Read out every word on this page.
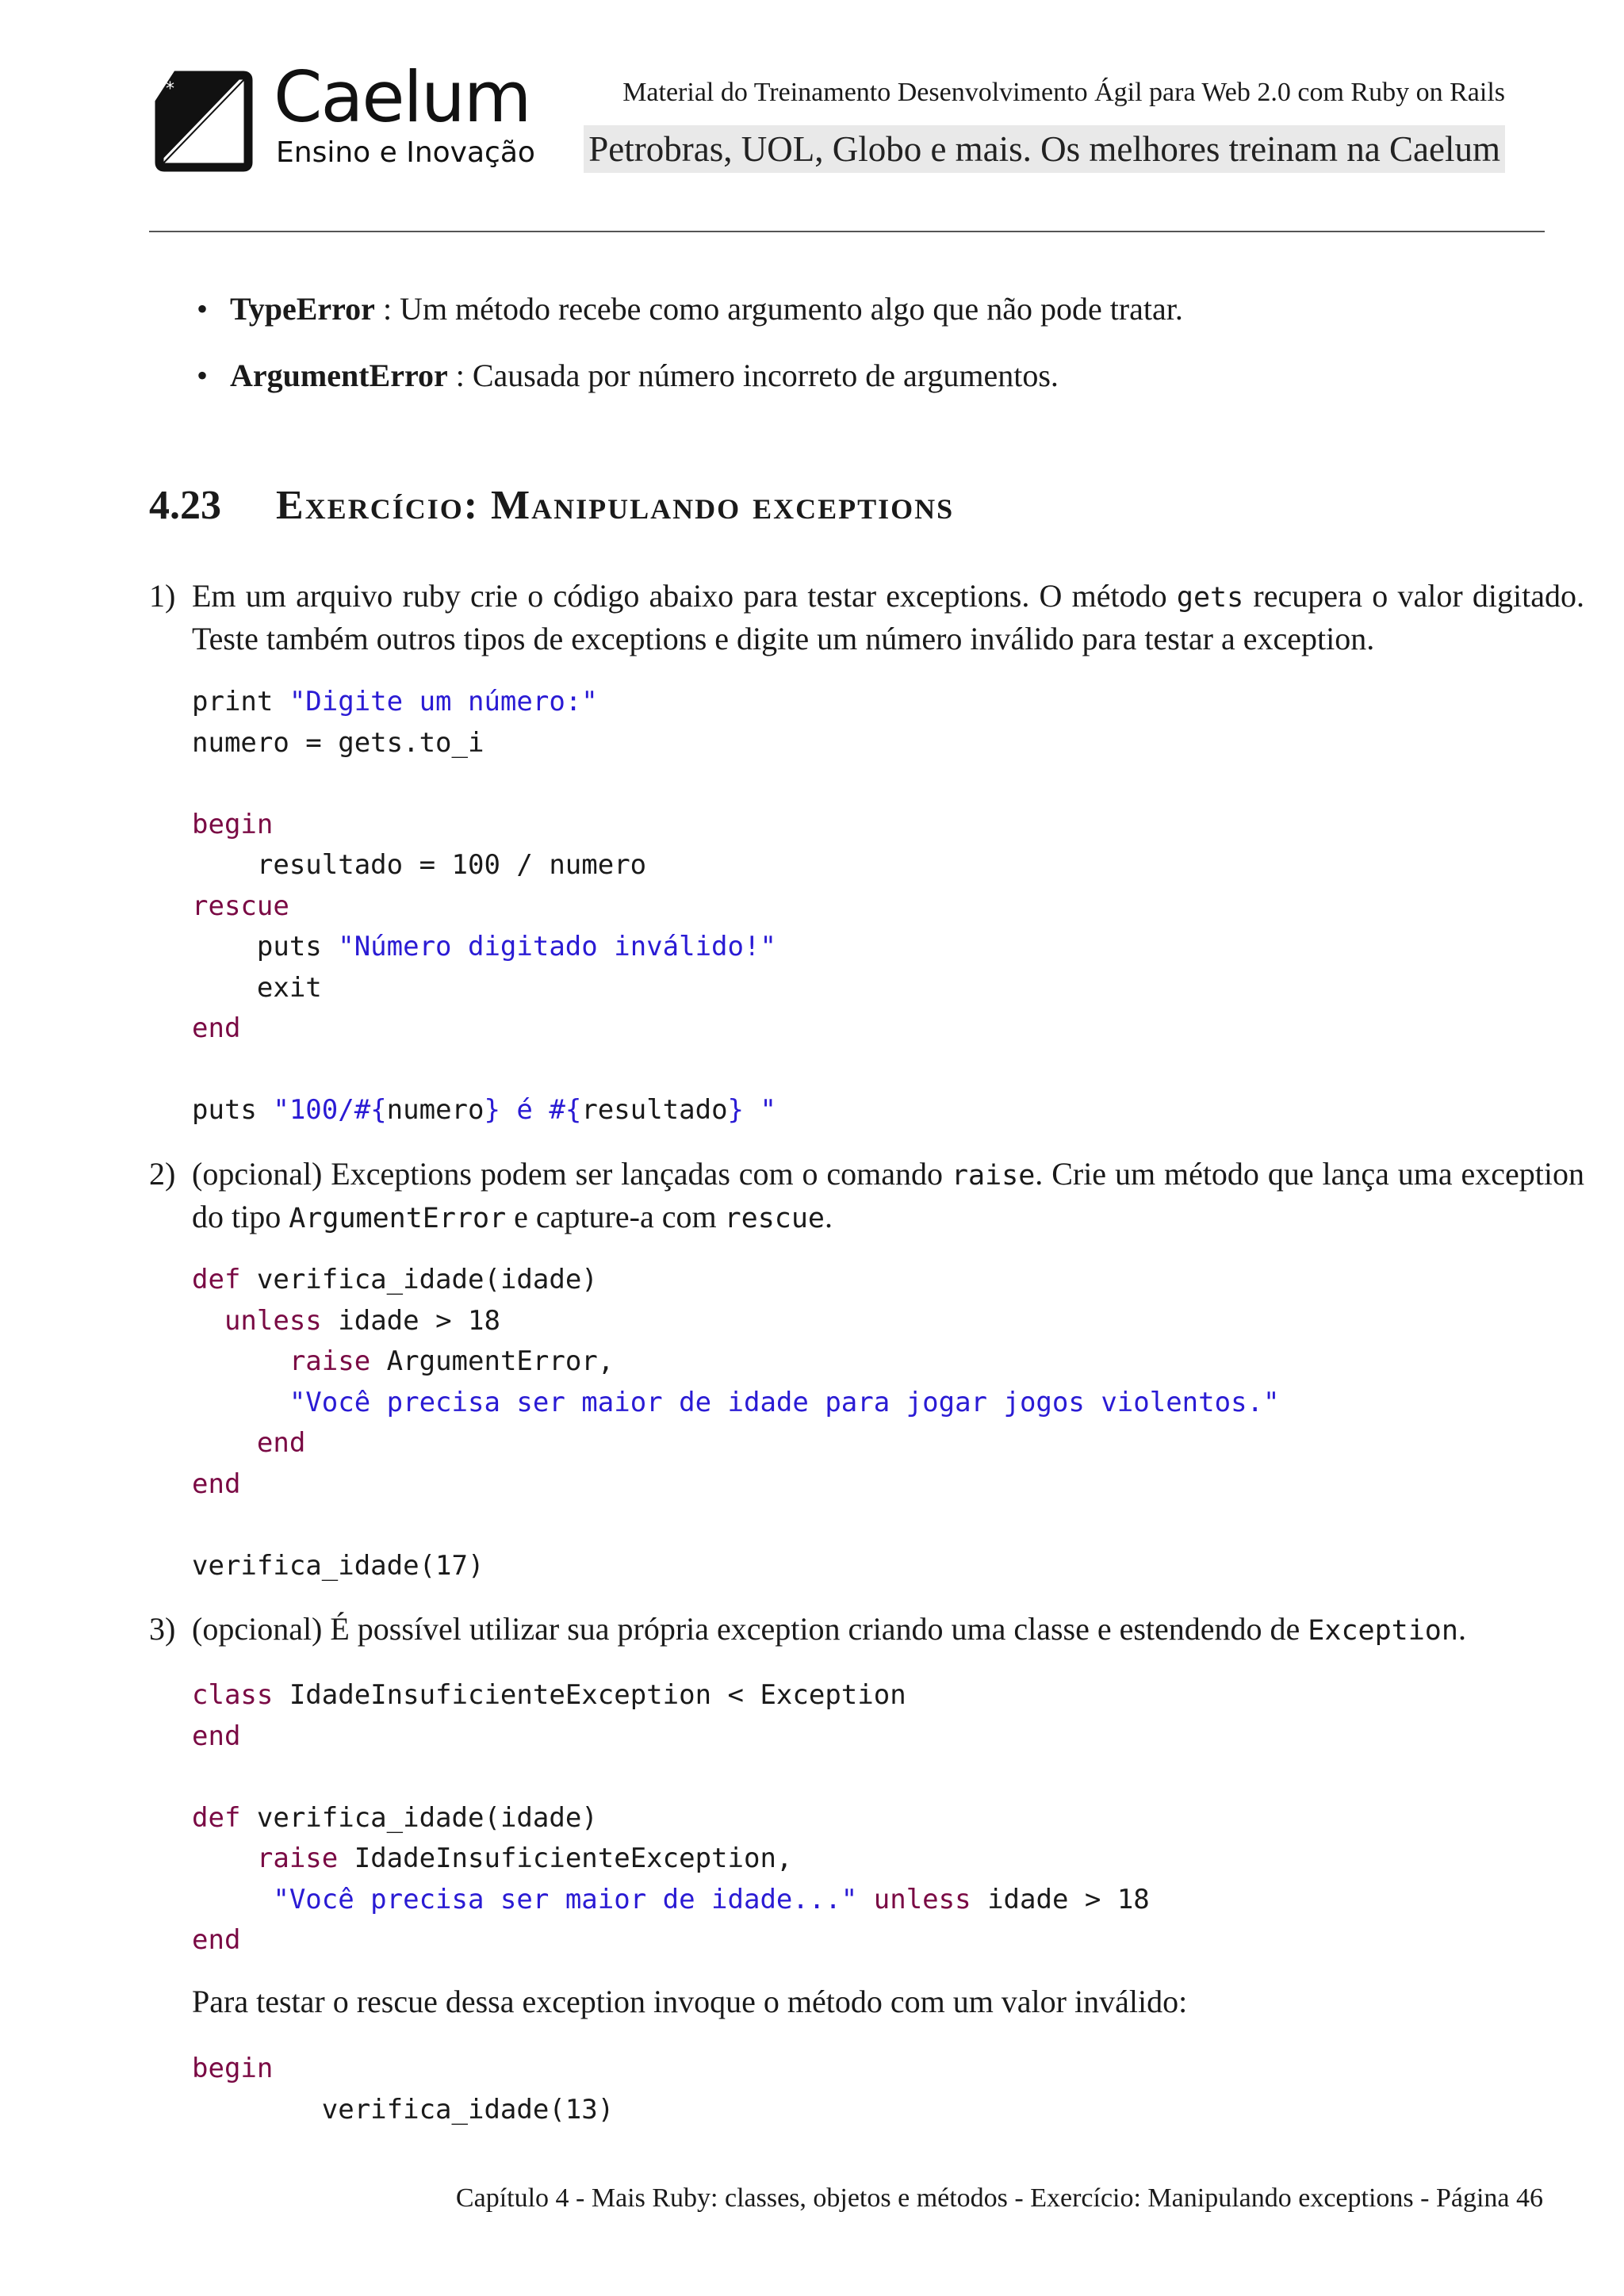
* Caelum
Ensino e Inovação
Material do Treinamento Desenvolvimento Ágil para Web 2.0 com Ruby on Rails
Petrobras, UOL, Globo e mais. Os melhores treinam na Caelum
• TypeError : Um método recebe como argumento algo que não pode tratar.
• ArgumentError : Causada por número incorreto de argumentos.
4.23 Exercício: Manipulando exceptions
1) Em um arquivo ruby crie o código abaixo para testar exceptions. O método gets recupera o valor digitado. Teste também outros tipos de exceptions e digite um número inválido para testar a exception.
print "Digite um número:"
numero = gets.to_i

begin
resultado = 100 / numero
rescue
puts "Número digitado inválido!"
exit
end

puts "100/#{numero} é #{resultado} "
2) (opcional) Exceptions podem ser lançadas com o comando raise. Crie um método que lança uma exception do tipo ArgumentError e capture-a com rescue.
def verifica_idade(idade)
unless idade > 18
raise ArgumentError,
"Você precisa ser maior de idade para jogar jogos violentos."
end
end

verifica_idade(17)
3) (opcional) É possível utilizar sua própria exception criando uma classe e estendendo de Exception.
class IdadeInsuficienteException < Exception
end

def verifica_idade(idade)
raise IdadeInsuficienteException,
"Você precisa ser maior de idade..." unless idade > 18
end
Para testar o rescue dessa exception invoque o método com um valor inválido:
begin
verifica_idade(13)
Capítulo 4 - Mais Ruby: classes, objetos e métodos - Exercício: Manipulando exceptions - Página 46
